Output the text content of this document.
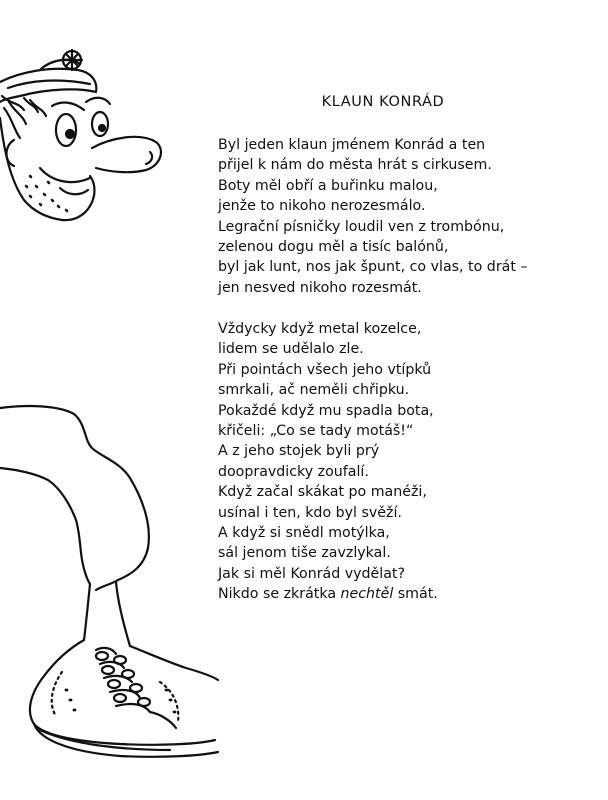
KLAUN KONRÁD
Byl jeden klaun jménem Konrád a ten
přijel k nám do města hrát s cirkusem.
Boty měl obří a buřinku malou,
jenže to nikoho nerozesmálo.
Legrační písničky loudil ven z trombónu,
zelenou dogu měl a tisíc balónů,
byl jak lunt, nos jak špunt, co vlas, to drát –
jen nesved nikoho rozesmát.
Vždycky když metal kozelce,
lidem se udělalo zle.
Při pointách všech jeho vtípků
smrkali, ač neměli chřipku.
Pokaždé když mu spadla bota,
křičeli: „Co se tady motáš!“
A z jeho stojek byli prý
doopravdicky zoufalí.
Když začal skákat po manéži,
usínal i ten, kdo byl svěží.
A když si snědl motýlka,
sál jenom tiše zavzlykal.
Jak si měl Konrád vydělat?
Nikdo se zkrátka nechtěl smát.
